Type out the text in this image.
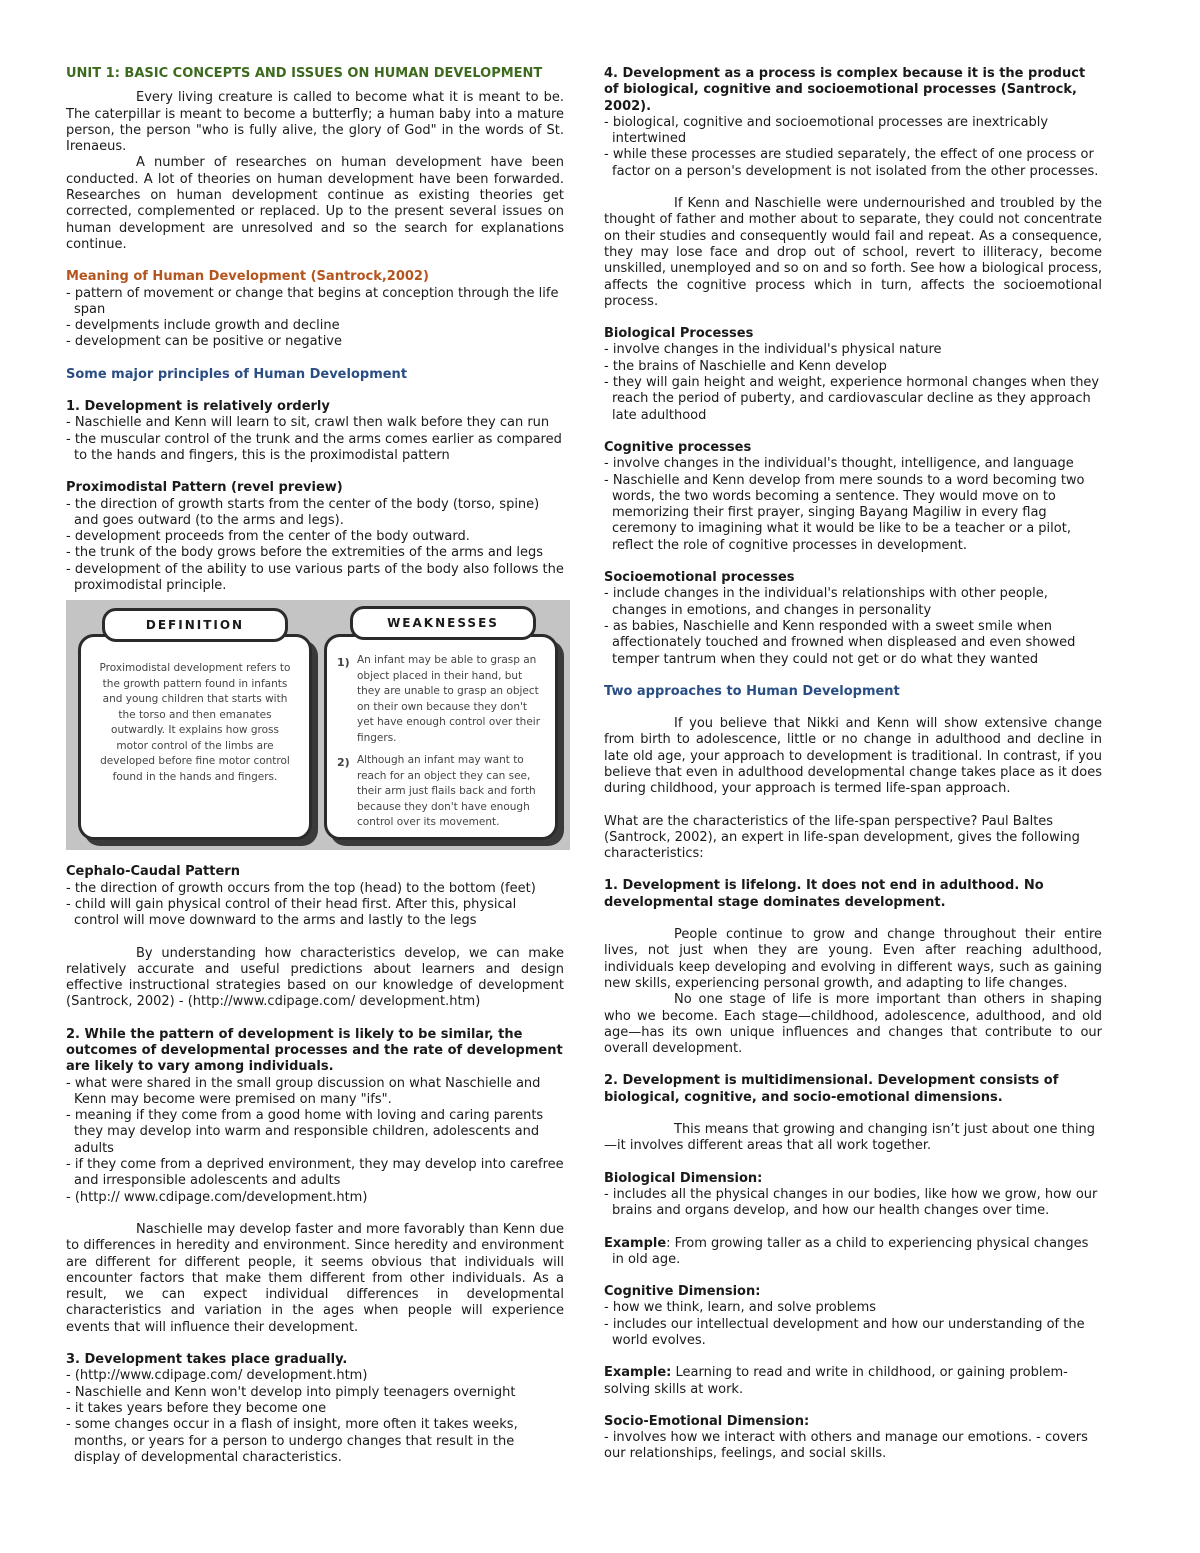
UNIT 1: BASIC CONCEPTS AND ISSUES ON HUMAN DEVELOPMENT

Every living creature is called to become what it is meant to be. The caterpillar is meant to become a butterfly; a human baby into a mature person, the person "who is fully alive, the glory of God" in the words of St. Irenaeus.

A number of researches on human development have been conducted. A lot of theories on human development have been forwarded. Researches on human development continue as existing theories get corrected, complemented or replaced. Up to the present several issues on human development are unresolved and so the search for explanations continue.

Meaning of Human Development (Santrock,2002)

- pattern of movement or change that begins at conception through the life span
- develpments include growth and decline
- development can be positive or negative

Some major principles of Human Development

1. Development is relatively orderly

- Naschielle and Kenn will learn to sit, crawl then walk before they can run
- the muscular control of the trunk and the arms comes earlier as compared to the hands and fingers, this is the proximodistal pattern

Proximodistal Pattern (revel preview)

- the direction of growth starts from the center of the body (torso, spine) and goes outward (to the arms and legs).
- development proceeds from the center of the body outward.
- the trunk of the body grows before the extremities of the arms and legs
- development of the ability to use various parts of the body also follows the proximodistal principle.
Proximodistal development refers to the growth pattern found in infants and young children that starts with the torso and then emanates outwardly. It explains how gross motor control of the limbs are developed before fine motor control found in the hands and fingers.
DEFINITION
1) An infant may be able to grasp an object placed in their hand, but they are unable to grasp an object on their own because they don't yet have enough control over their fingers.
2) Although an infant may want to reach for an object they can see, their arm just flails back and forth because they don't have enough control over its movement.
WEAKNESSES

Cephalo-Caudal Pattern

- the direction of growth occurs from the top (head) to the bottom (feet)
- child will gain physical control of their head first. After this, physical control will move downward to the arms and lastly to the legs

By understanding how characteristics develop, we can make relatively accurate and useful predictions about learners and design effective instructional strategies based on our knowledge of development (Santrock, 2002) - (http://www.cdipage.com/ development.htm)

2. While the pattern of development is likely to be similar, the outcomes of developmental processes and the rate of development are likely to vary among individuals.

- what were shared in the small group discussion on what Naschielle and Kenn may become were premised on many "ifs".
- meaning if they come from a good home with loving and caring parents they may develop into warm and responsible children, adolescents and adults
- if they come from a deprived environment, they may develop into carefree and irresponsible adolescents and adults
- (http:// www.cdipage.com/development.htm)

Naschielle may develop faster and more favorably than Kenn due to differences in heredity and environment. Since heredity and environment are different for different people, it seems obvious that individuals will encounter factors that make them different from other individuals. As a result, we can expect individual differences in developmental characteristics and variation in the ages when people will experience events that will influence their development.

3. Development takes place gradually.

- (http://www.cdipage.com/ development.htm)
- Naschielle and Kenn won't develop into pimply teenagers overnight
- it takes years before they become one
- some changes occur in a flash of insight, more often it takes weeks, months, or years for a person to undergo changes that result in the display of developmental characteristics.

4. Development as a process is complex because it is the product of biological, cognitive and socioemotional processes (Santrock, 2002).

- biological, cognitive and socioemotional processes are inextricably intertwined
- while these processes are studied separately, the effect of one process or factor on a person's development is not isolated from the other processes.

If Kenn and Naschielle were undernourished and troubled by the thought of father and mother about to separate, they could not concentrate on their studies and consequently would fail and repeat. As a consequence, they may lose face and drop out of school, revert to illiteracy, become unskilled, unemployed and so on and so forth. See how a biological process, affects the cognitive process which in turn, affects the socioemotional process.

Biological Processes

- involve changes in the individual's physical nature
- the brains of Naschielle and Kenn develop
- they will gain height and weight, experience hormonal changes when they reach the period of puberty, and cardiovascular decline as they approach late adulthood

Cognitive processes

- involve changes in the individual's thought, intelligence, and language
- Naschielle and Kenn develop from mere sounds to a word becoming two words, the two words becoming a sentence. They would move on to memorizing their first prayer, singing Bayang Magiliw in every flag ceremony to imagining what it would be like to be a teacher or a pilot, reflect the role of cognitive processes in development.

Socioemotional processes

- include changes in the individual's relationships with other people, changes in emotions, and changes in personality
- as babies, Naschielle and Kenn responded with a sweet smile when affectionately touched and frowned when displeased and even showed temper tantrum when they could not get or do what they wanted

Two approaches to Human Development

If you believe that Nikki and Kenn will show extensive change from birth to adolescence, little or no change in adulthood and decline in late old age, your approach to development is traditional. In contrast, if you believe that even in adulthood developmental change takes place as it does during childhood, your approach is termed life-span approach.

What are the characteristics of the life-span perspective? Paul Baltes (Santrock, 2002), an expert in life-span development, gives the following characteristics:

1. Development is lifelong. It does not end in adulthood. No developmental stage dominates development.

People continue to grow and change throughout their entire lives, not just when they are young. Even after reaching adulthood, individuals keep developing and evolving in different ways, such as gaining new skills, experiencing personal growth, and adapting to life changes.

No one stage of life is more important than others in shaping who we become. Each stage—childhood, adolescence, adulthood, and old age—has its own unique influences and changes that contribute to our overall development.

2. Development is multidimensional. Development consists of biological, cognitive, and socio-emotional dimensions.

This means that growing and changing isn’t just about one thing—it involves different areas that all work together.

Biological Dimension:

- includes all the physical changes in our bodies, like how we grow, how our brains and organs develop, and how our health changes over time.

Example: From growing taller as a child to experiencing physical changes in old age.

Cognitive Dimension:

- how we think, learn, and solve problems
- includes our intellectual development and how our understanding of the world evolves.

Example: Learning to read and write in childhood, or gaining problem-solving skills at work.

Socio-Emotional Dimension:

- involves how we interact with others and manage our emotions. - covers our relationships, feelings, and social skills.
